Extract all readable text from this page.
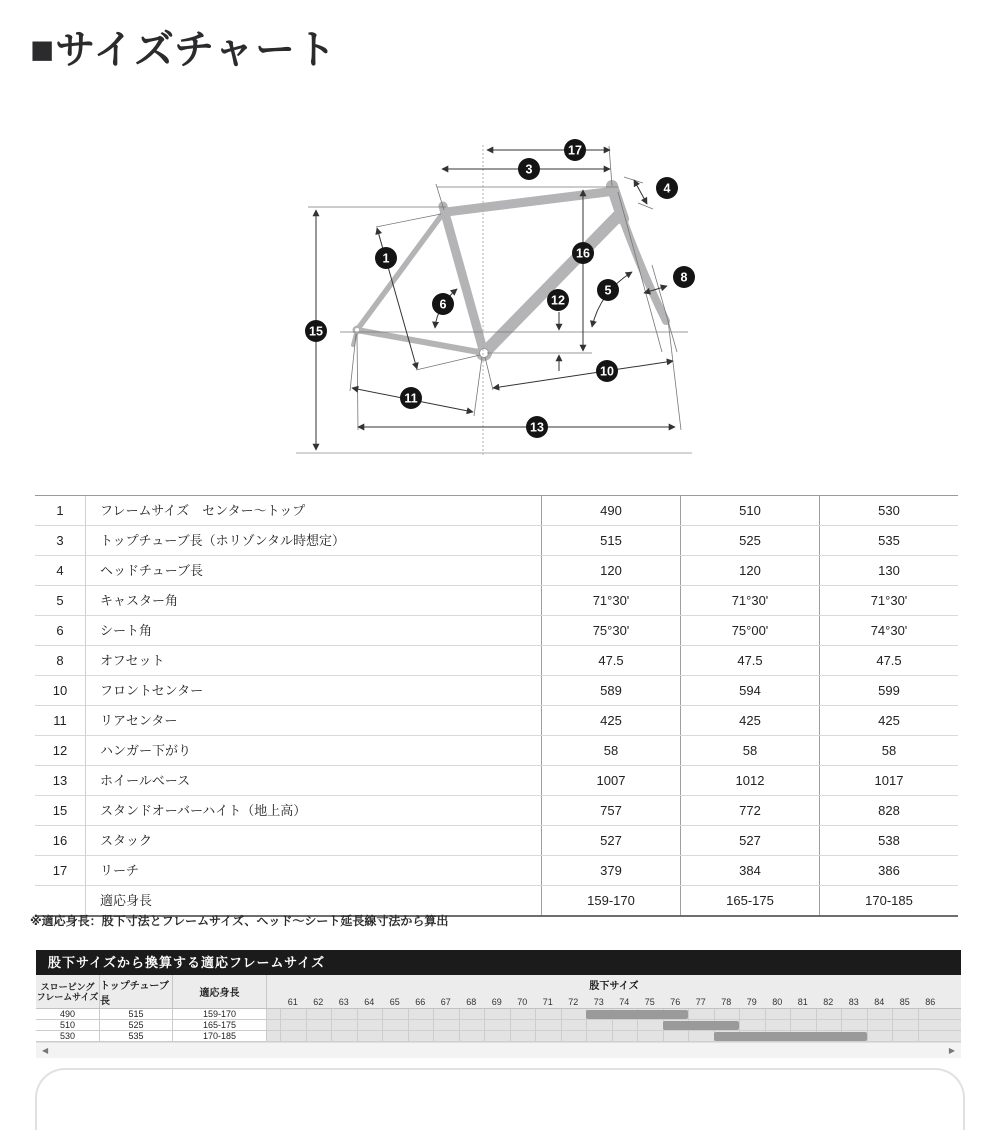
■サイズチャート
1
3
4
5
6
8
10
11
12
13
15
16
17
1	フレームサイズ　センター〜トップ	490	510	530
3	トップチューブ長（ホリゾンタル時想定）	515	525	535
4	ヘッドチューブ長	120	120	130
5	キャスター角	71°30'	71°30'	71°30'
6	シート角	75°30'	75°00'	74°30'
8	オフセット	47.5	47.5	47.5
10	フロントセンター	589	594	599
11	リアセンター	425	425	425
12	ハンガー下がり	58	58	58
13	ホイールベース	1007	1012	1017
15	スタンドオーバーハイト（地上高）	757	772	828
16	スタック	527	527	538
17	リーチ	379	384	386
適応身長	159-170	165-175	170-185
※適応身長：股下寸法とフレームサイズ、ヘッド〜シート延長線寸法から算出
股下サイズから換算する適応フレームサイズ
スローピング
フレームサイズ
トップチューブ長
適応身長
股下サイズ
61	62	63	64	65	66	67	68	69	70	71	72	73	74	75	76	77	78	79	80	81	82	83	84	85	86
490	515	159-170
510	525	165-175
530	535	170-185
◀	▶
